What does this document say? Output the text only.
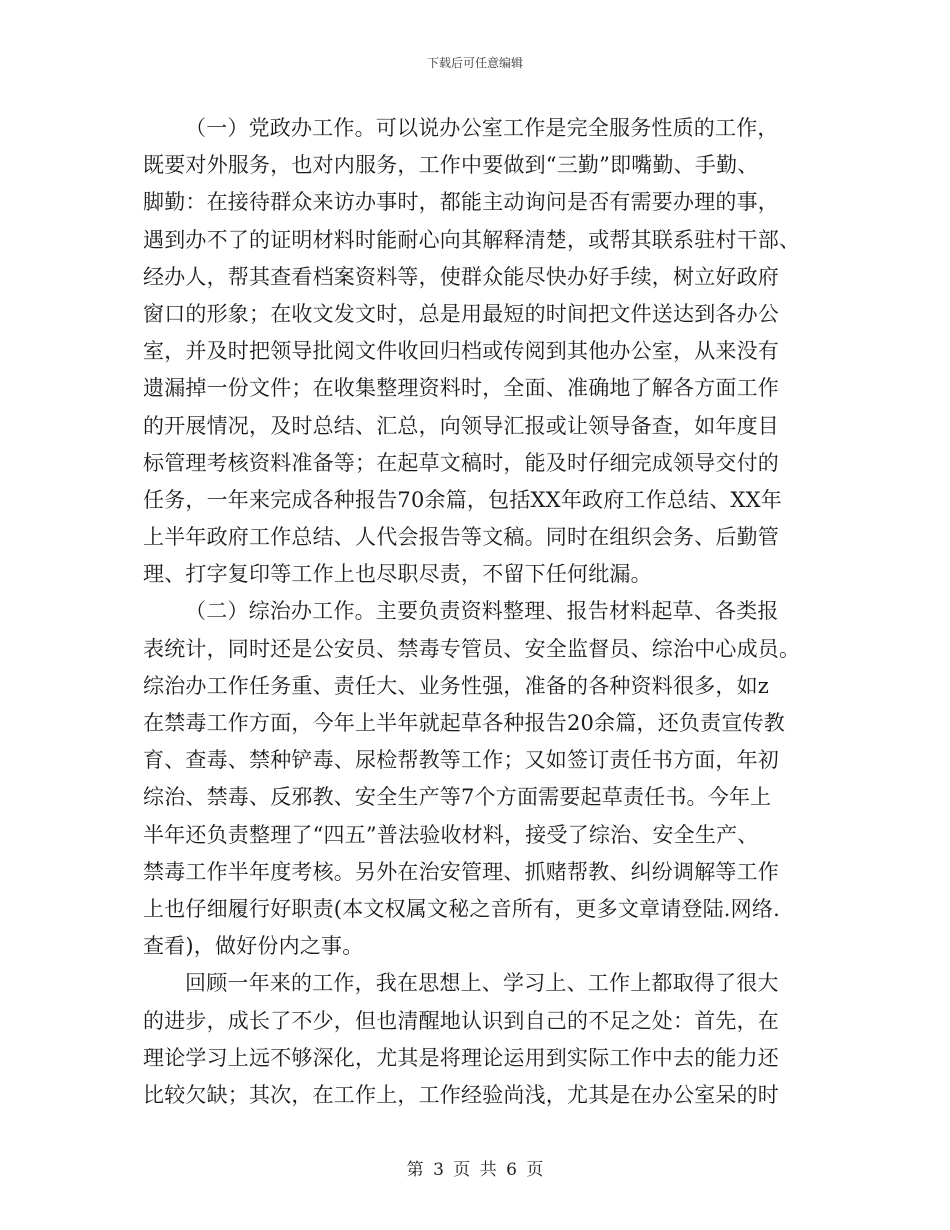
下载后可任意编辑
（一）党政办工作。可以说办公室工作是完全服务性质的工作，
既要对外服务，也对内服务，工作中要做到“三勤”即嘴勤、手勤、
脚勤：在接待群众来访办事时，都能主动询问是否有需要办理的事，
遇到办不了的证明材料时能耐心向其解释清楚，或帮其联系驻村干部、
经办人，帮其查看档案资料等，使群众能尽快办好手续，树立好政府
窗口的形象；在收文发文时，总是用最短的时间把文件送达到各办公
室，并及时把领导批阅文件收回归档或传阅到其他办公室，从来没有
遗漏掉一份文件；在收集整理资料时，全面、准确地了解各方面工作
的开展情况，及时总结、汇总，向领导汇报或让领导备查，如年度目
标管理考核资料准备等；在起草文稿时，能及时仔细完成领导交付的
任务，一年来完成各种报告70余篇，包括XX年政府工作总结、XX年
上半年政府工作总结、人代会报告等文稿。同时在组织会务、后勤管
理、打字复印等工作上也尽职尽责，不留下任何纰漏。
（二）综治办工作。主要负责资料整理、报告材料起草、各类报
表统计，同时还是公安员、禁毒专管员、安全监督员、综治中心成员。
综治办工作任务重、责任大、业务性强，准备的各种资料很多，如z
在禁毒工作方面，今年上半年就起草各种报告20余篇，还负责宣传教
育、查毒、禁种铲毒、尿检帮教等工作；又如签订责任书方面，年初
综治、禁毒、反邪教、安全生产等7个方面需要起草责任书。今年上
半年还负责整理了“四五”普法验收材料，接受了综治、安全生产、
禁毒工作半年度考核。另外在治安管理、抓赌帮教、纠纷调解等工作
上也仔细履行好职责(本文权属文秘之音所有，更多文章请登陆.网络.
查看)，做好份内之事。
回顾一年来的工作，我在思想上、学习上、工作上都取得了很大
的进步，成长了不少，但也清醒地认识到自己的不足之处：首先，在
理论学习上远不够深化，尤其是将理论运用到实际工作中去的能力还
比较欠缺；其次，在工作上，工作经验尚浅，尤其是在办公室呆的时
第 3 页 共 6 页
